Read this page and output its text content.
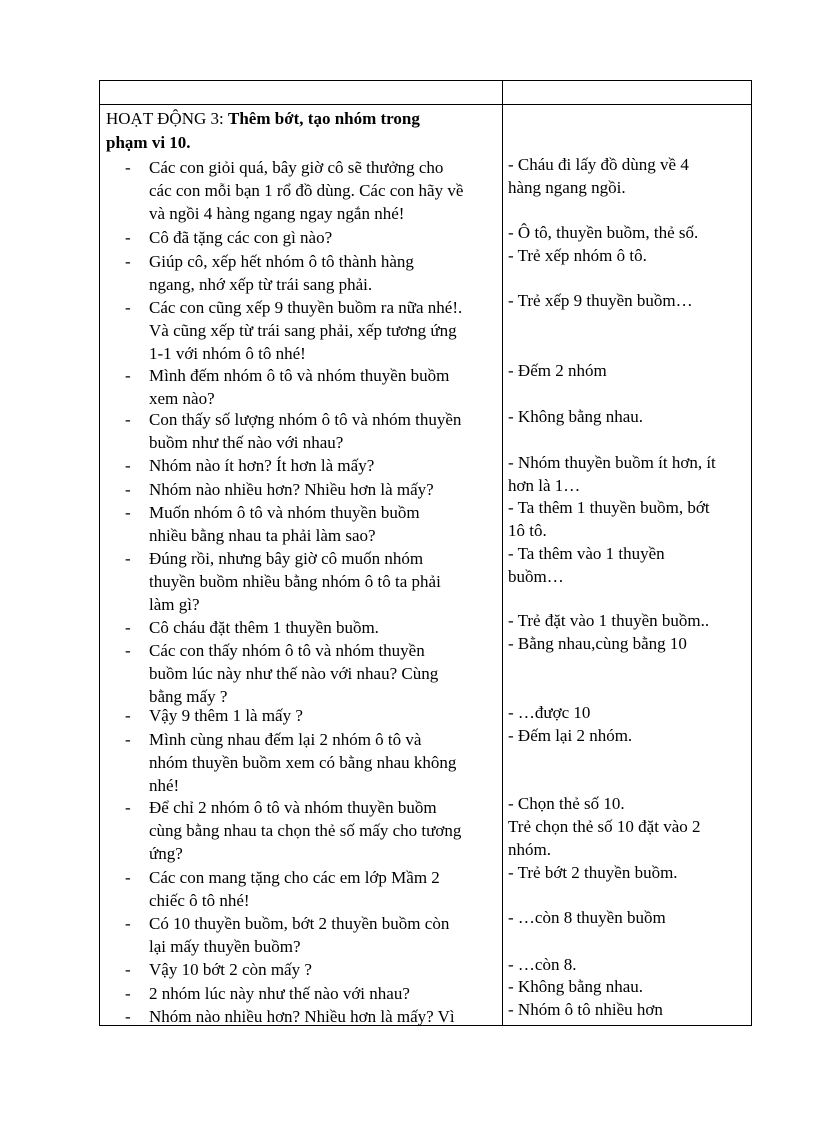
HOẠT ĐỘNG 3: Thêm bớt, tạo nhóm trong
phạm vi 10.
Các con giỏi quá, bây giờ cô sẽ thưởng cho
-
các con mỗi bạn 1 rổ đồ dùng. Các con hãy về
và ngồi 4 hàng ngang ngay ngắn nhé!
Cô đã tặng các con gì nào?
-
Giúp cô, xếp hết nhóm ô tô thành hàng
-
ngang, nhớ xếp từ trái sang phải.
Các con cũng xếp 9 thuyền buồm ra nữa nhé!.
-
Và cũng xếp từ trái sang phải, xếp tương ứng
1-1 với nhóm ô tô nhé!
Mình đếm nhóm ô tô và nhóm thuyền buồm
-
xem nào?
Con thấy số lượng nhóm ô tô và nhóm thuyền
-
buồm như thế nào với nhau?
Nhóm nào ít hơn? Ít hơn là mấy?
-
Nhóm nào nhiều hơn? Nhiều hơn là mấy?
-
Muốn nhóm ô tô và nhóm thuyền buồm
-
nhiều bằng nhau ta phải làm sao?
Đúng rồi, nhưng bây giờ cô muốn nhóm
-
thuyền buồm nhiều bằng nhóm ô tô ta phải
làm gì?
Cô cháu đặt thêm 1 thuyền buồm.
-
Các con thấy nhóm ô tô và nhóm thuyền
-
buồm lúc này như thế nào với nhau? Cùng
bằng mấy ?
Vậy 9 thêm 1 là mấy ?
-
Mình cùng nhau đếm lại 2 nhóm ô tô và
-
nhóm thuyền buồm xem có bằng nhau không
nhé!
Để chỉ 2 nhóm ô tô và nhóm thuyền buồm
-
cùng bằng nhau ta chọn thẻ số mấy cho tương
ứng?
Các con mang tặng cho các em lớp Mầm 2
-
chiếc ô tô nhé!
Có 10 thuyền buồm, bớt 2 thuyền buồm còn
-
lại mấy thuyền buồm?
Vậy 10 bớt 2 còn mấy ?
-
2 nhóm lúc này như thế nào với nhau?
-
Nhóm nào nhiều hơn? Nhiều hơn là mấy? Vì
-
- Cháu đi lấy đồ dùng về 4
hàng ngang ngồi.
- Ô tô, thuyền buồm, thẻ số.
- Trẻ xếp nhóm ô tô.
- Trẻ xếp 9 thuyền buồm…
- Đếm 2 nhóm
- Không bằng nhau.
- Nhóm thuyền buồm ít hơn, ít
hơn là 1…
- Ta thêm 1 thuyền buồm, bớt
1ô tô.
- Ta thêm vào 1 thuyền
buồm…
- Trẻ đặt vào 1 thuyền buồm..
- Bằng nhau,cùng bằng 10
- …được 10
- Đếm lại 2 nhóm.
- Chọn thẻ số 10.
Trẻ chọn thẻ số 10 đặt vào 2
nhóm.
- Trẻ bớt 2 thuyền buồm.
- …còn 8 thuyền buồm
- …còn 8.
- Không bằng nhau.
- Nhóm ô tô nhiều hơn
